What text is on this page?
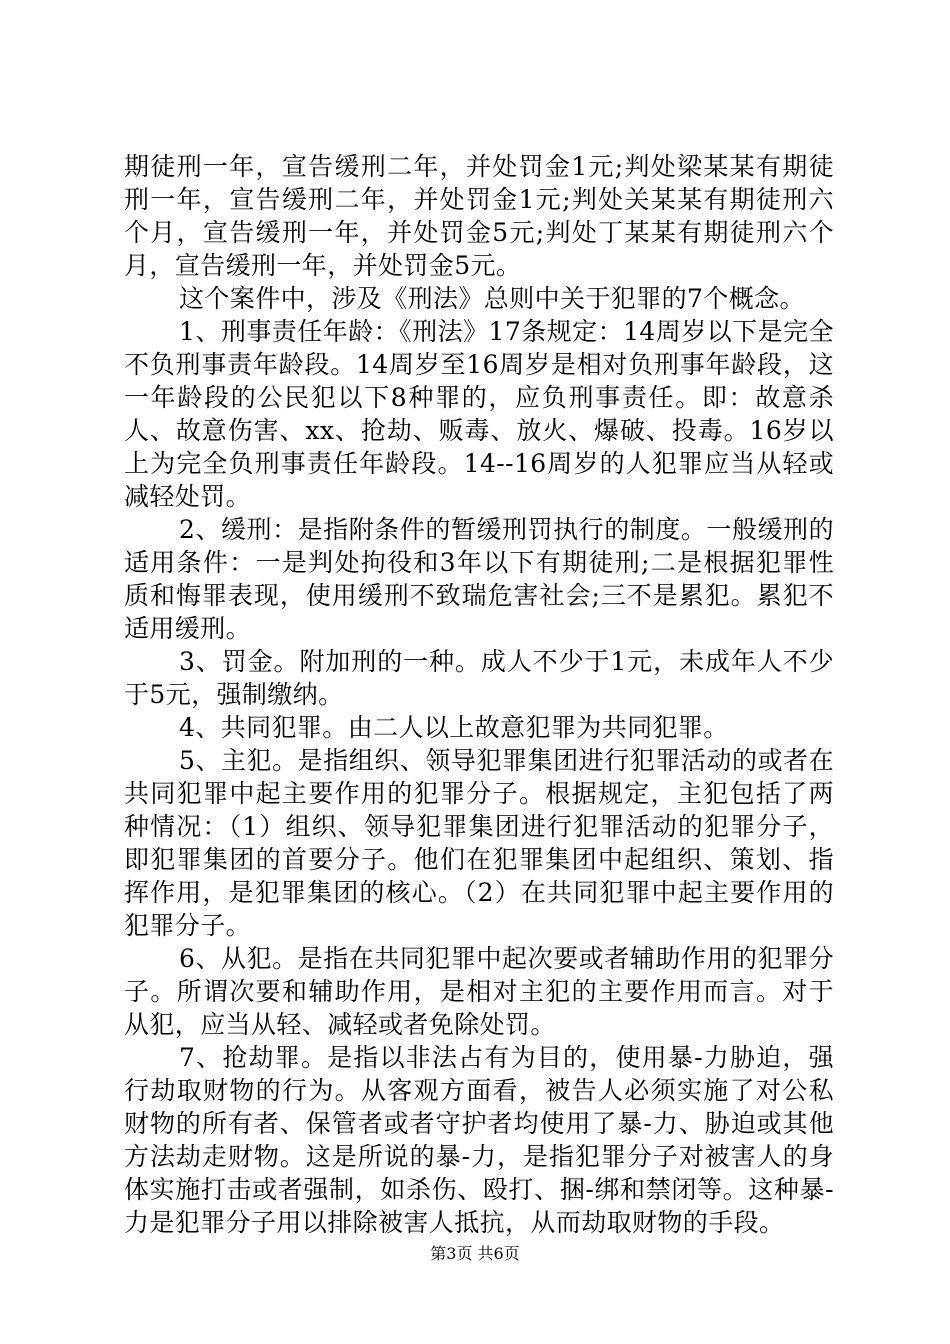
期徒刑一年，宣告缓刑二年，并处罚金1元;判处梁某某有期徒刑一年，宣告缓刑二年，并处罚金1元;判处关某某有期徒刑六个月，宣告缓刑一年，并处罚金5元;判处丁某某有期徒刑六个月，宣告缓刑一年，并处罚金5元。

这个案件中，涉及《刑法》总则中关于犯罪的7个概念。

1、刑事责任年龄：《刑法》17条规定：14周岁以下是完全不负刑事责年龄段。14周岁至16周岁是相对负刑事年龄段，这一年龄段的公民犯以下8种罪的，应负刑事责任。即：故意杀人、故意伤害、xx、抢劫、贩毒、放火、爆破、投毒。16岁以上为完全负刑事责任年龄段。14--16周岁的人犯罪应当从轻或减轻处罚。

2、缓刑：是指附条件的暂缓刑罚执行的制度。一般缓刑的适用条件：一是判处拘役和3年以下有期徒刑;二是根据犯罪性质和悔罪表现，使用缓刑不致瑞危害社会;三不是累犯。累犯不适用缓刑。

3、罚金。附加刑的一种。成人不少于1元，未成年人不少于5元，强制缴纳。

4、共同犯罪。由二人以上故意犯罪为共同犯罪。

5、主犯。是指组织、领导犯罪集团进行犯罪活动的或者在共同犯罪中起主要作用的犯罪分子。根据规定，主犯包括了两种情况：（1）组织、领导犯罪集团进行犯罪活动的犯罪分子，即犯罪集团的首要分子。他们在犯罪集团中起组织、策划、指挥作用，是犯罪集团的核心。（2）在共同犯罪中起主要作用的犯罪分子。

6、从犯。是指在共同犯罪中起次要或者辅助作用的犯罪分子。所谓次要和辅助作用，是相对主犯的主要作用而言。对于从犯，应当从轻、减轻或者免除处罚。

7、抢劫罪。是指以非法占有为目的，使用暴-力胁迫，强行劫取财物的行为。从客观方面看，被告人必须实施了对公私财物的所有者、保管者或者守护者均使用了暴-力、胁迫或其他方法劫走财物。这是所说的暴-力，是指犯罪分子对被害人的身体实施打击或者强制，如杀伤、殴打、捆-绑和禁闭等。这种暴-力是犯罪分子用以排除被害人抵抗，从而劫取财物的手段。

第3页 共6页
